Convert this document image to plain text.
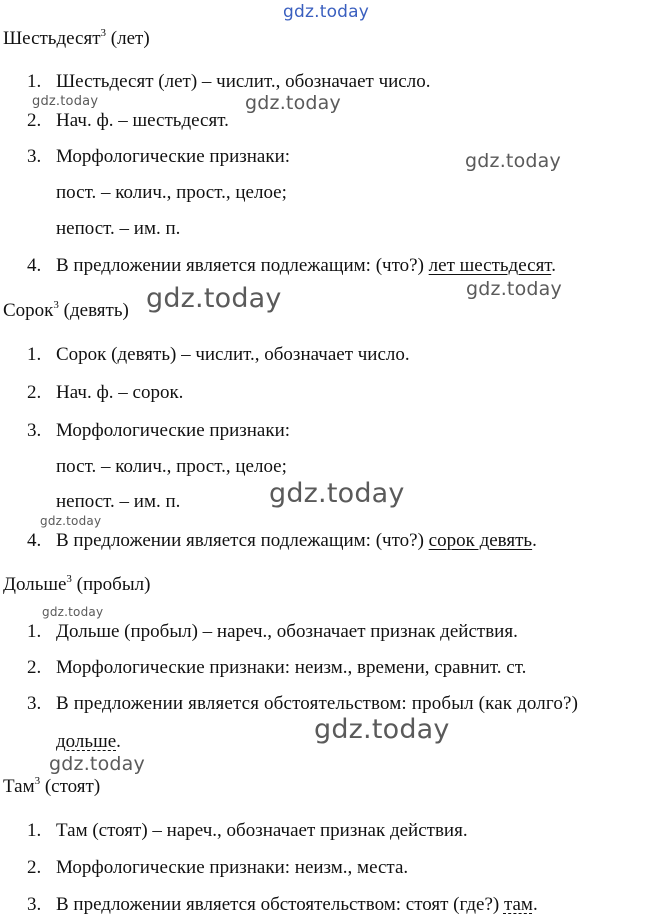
Шестьдесят$^3$ (лет)
1. Шестьдесят (лет) – числит., обозначает число.
2. Нач. ф. – шестьдесят.
3. Морфологические признаки:
пост. – колич., прост., целое;
непост. – им. п.
4. В предложении является подлежащим: (что?) лет шестьдесят.
Сорок$^3$ (девять)
1. Сорок (девять) – числит., обозначает число.
2. Нач. ф. – сорок.
3. Морфологические признаки:
пост. – колич., прост., целое;
непост. – им. п.
4. В предложении является подлежащим: (что?) сорок девять.
Дольше$^3$ (пробыл)
1. Дольше (пробыл) – нареч., обозначает признак действия.
2. Морфологические признаки: неизм., времени, сравнит. ст.
3. В предложении является обстоятельством: пробыл (как долго?)
дольше.
Там$^3$ (стоят)
1. Там (стоят) – нареч., обозначает признак действия.
2. Морфологические признаки: неизм., места.
3. В предложении является обстоятельством: стоят (где?) там.
gdz.today
gdz.today	gdz.today
gdz.today
gdz.today
gdz.today
gdz.today
gdz.today
gdz.today
gdz.today
gdz.today
